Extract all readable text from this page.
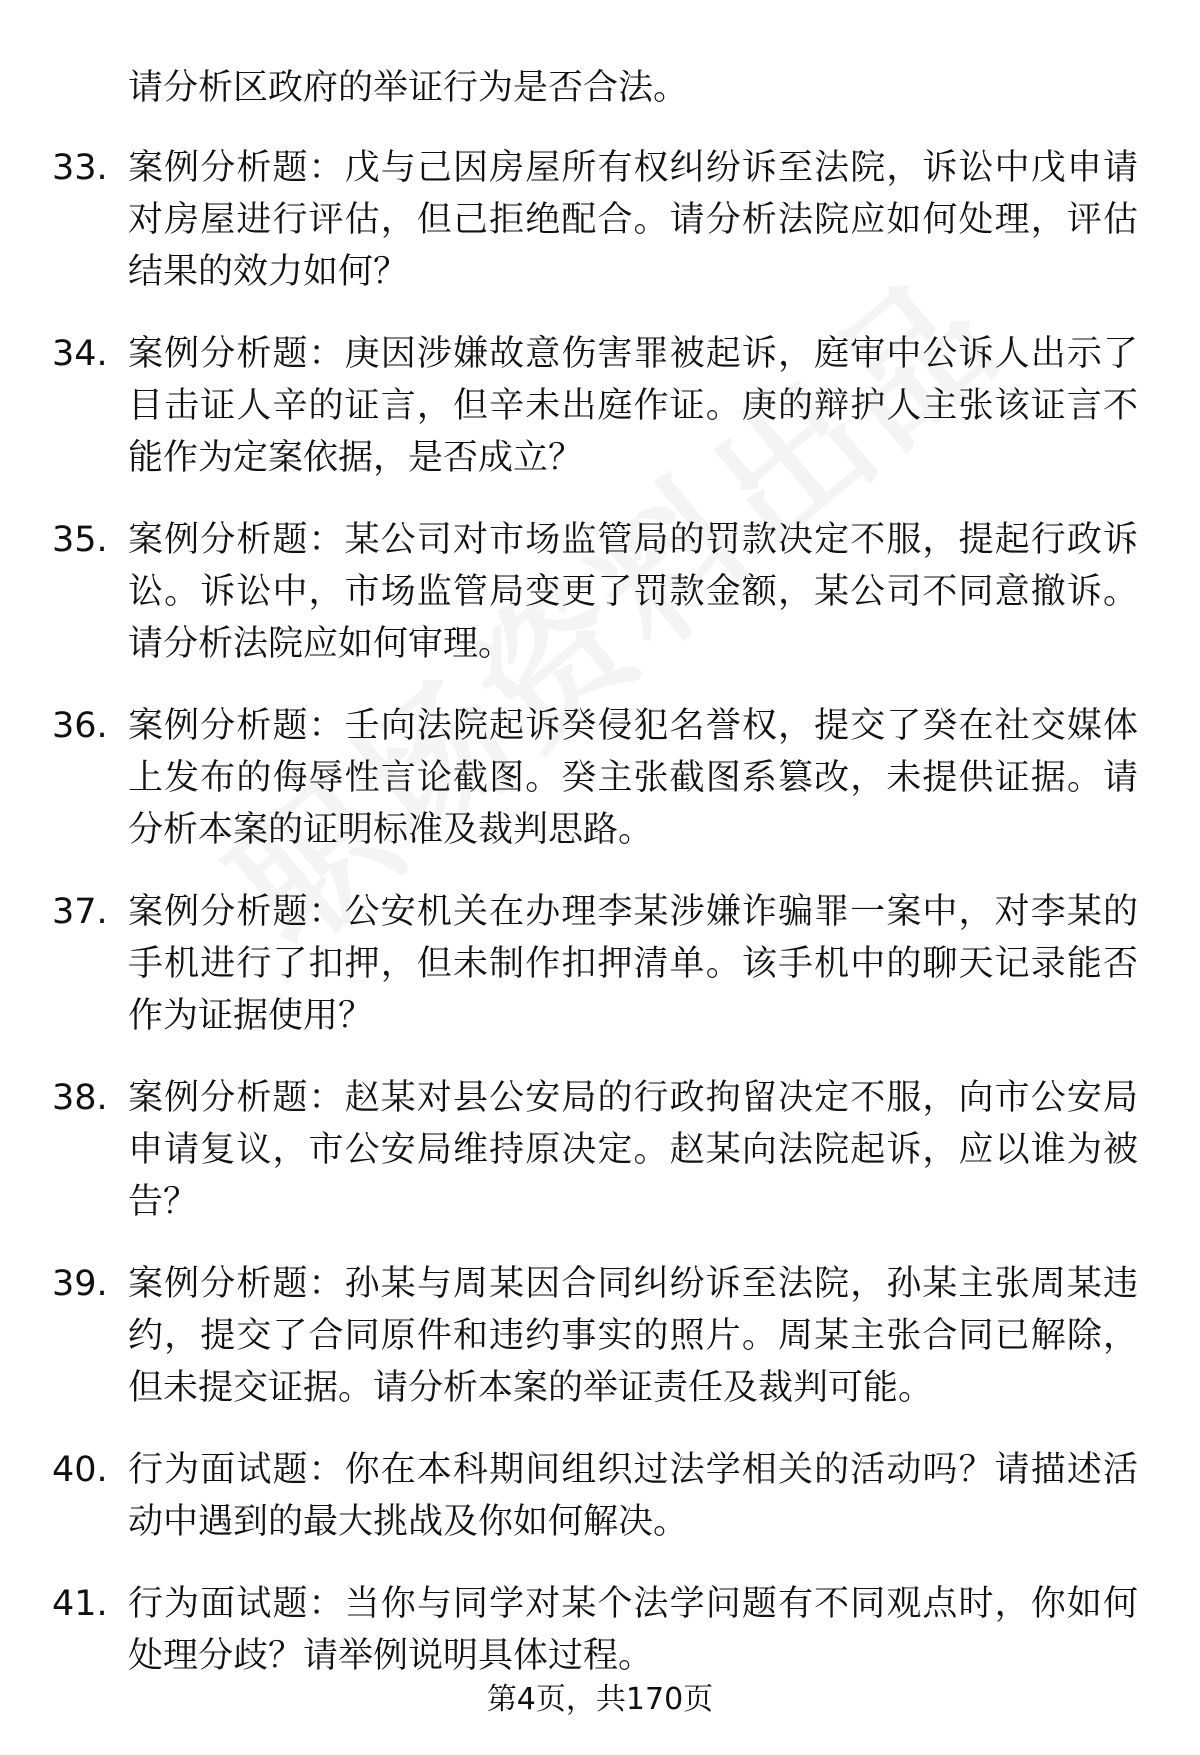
请分析区政府的举证行为是否合法。
33. 案例分析题：戊与己因房屋所有权纠纷诉至法院，诉讼中戊申请对房屋进行评估，但己拒绝配合。请分析法院应如何处理，评估结果的效力如何？
34. 案例分析题：庚因涉嫌故意伤害罪被起诉，庭审中公诉人出示了目击证人辛的证言，但辛未出庭作证。庚的辩护人主张该证言不能作为定案依据，是否成立？
35. 案例分析题：某公司对市场监管局的罚款决定不服，提起行政诉讼。诉讼中，市场监管局变更了罚款金额，某公司不同意撤诉。请分析法院应如何审理。
36. 案例分析题：壬向法院起诉癸侵犯名誉权，提交了癸在社交媒体上发布的侮辱性言论截图。癸主张截图系篡改，未提供证据。请分析本案的证明标准及裁判思路。
37. 案例分析题：公安机关在办理李某涉嫌诈骗罪一案中，对李某的手机进行了扣押，但未制作扣押清单。该手机中的聊天记录能否作为证据使用？
38. 案例分析题：赵某对县公安局的行政拘留决定不服，向市公安局申请复议，市公安局维持原决定。赵某向法院起诉，应以谁为被告？
39. 案例分析题：孙某与周某因合同纠纷诉至法院，孙某主张周某违约，提交了合同原件和违约事实的照片。周某主张合同已解除，但未提交证据。请分析本案的举证责任及裁判可能。
40. 行为面试题：你在本科期间组织过法学相关的活动吗？请描述活动中遇到的最大挑战及你如何解决。
41. 行为面试题：当你与同学对某个法学问题有不同观点时，你如何处理分歧？请举例说明具体过程。
第4页，共170页
